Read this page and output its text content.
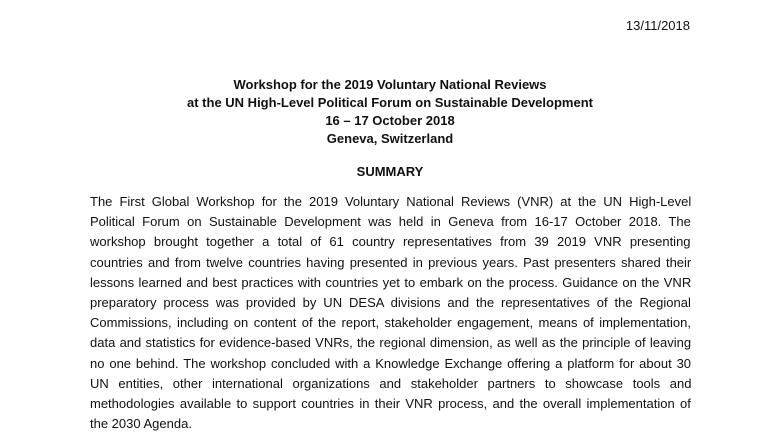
13/11/2018
Workshop for the 2019 Voluntary National Reviews
at the UN High-Level Political Forum on Sustainable Development
16 – 17 October 2018
Geneva, Switzerland
SUMMARY
The First Global Workshop for the 2019 Voluntary National Reviews (VNR) at the UN High-Level
Political Forum on Sustainable Development was held in Geneva from 16-17 October 2018. The
workshop brought together a total of 61 country representatives from 39 2019 VNR presenting
countries and from twelve countries having presented in previous years. Past presenters shared their
lessons learned and best practices with countries yet to embark on the process. Guidance on the VNR
preparatory process was provided by UN DESA divisions and the representatives of the Regional
Commissions, including on content of the report, stakeholder engagement, means of implementation,
data and statistics for evidence-based VNRs, the regional dimension, as well as the principle of leaving
no one behind. The workshop concluded with a Knowledge Exchange offering a platform for about 30
UN entities, other international organizations and stakeholder partners to showcase tools and
methodologies available to support countries in their VNR process, and the overall implementation of
the 2030 Agenda.
